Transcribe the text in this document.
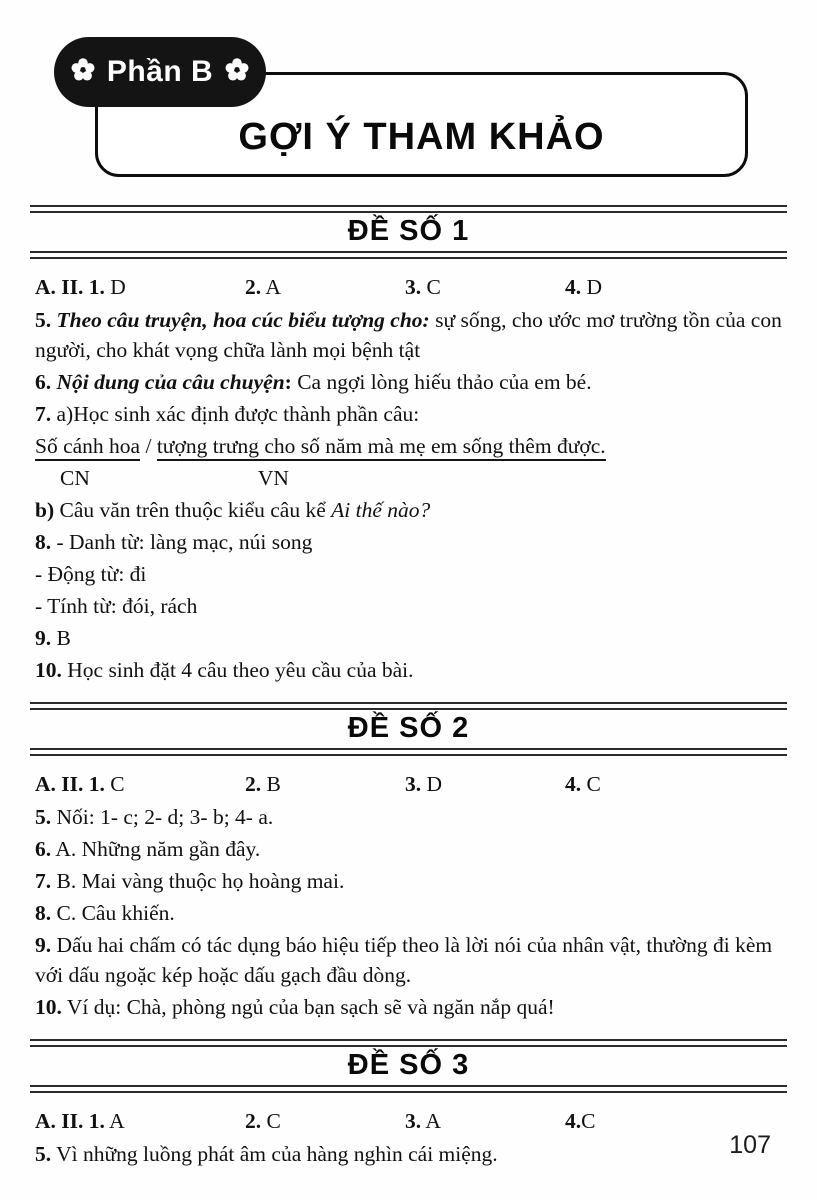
Phần B
GỢI Ý THAM KHẢO
ĐỀ SỐ 1
A. II. 1. D	2. A	3. C	4. D
5. Theo câu truyện, hoa cúc biểu tượng cho: sự sống, cho ước mơ trường tồn của con người, cho khát vọng chữa lành mọi bệnh tật
6. Nội dung của câu chuyện: Ca ngợi lòng hiếu thảo của em bé.
7. a)Học sinh xác định được thành phần câu:
Số cánh hoa / tượng trưng cho số năm mà mẹ em sống thêm được.
CN	VN
b) Câu văn trên thuộc kiểu câu kể Ai thế nào?
8. - Danh từ: làng mạc, núi song
- Động từ: đi
- Tính từ: đói, rách
9. B
10. Học sinh đặt 4 câu theo yêu cầu của bài.
ĐỀ SỐ 2
A. II. 1. C	2. B	3. D	4. C
5. Nối: 1- c; 2- d; 3- b; 4- a.
6. A. Những năm gần đây.
7. B. Mai vàng thuộc họ hoàng mai.
8. C. Câu khiến.
9. Dấu hai chấm có tác dụng báo hiệu tiếp theo là lời nói của nhân vật, thường đi kèm với dấu ngoặc kép hoặc dấu gạch đầu dòng.
10. Ví dụ: Chà, phòng ngủ của bạn sạch sẽ và ngăn nắp quá!
ĐỀ SỐ 3
A. II. 1. A	2. C	3. A	4.C
5. Vì những luồng phát âm của hàng nghìn cái miệng.	107
